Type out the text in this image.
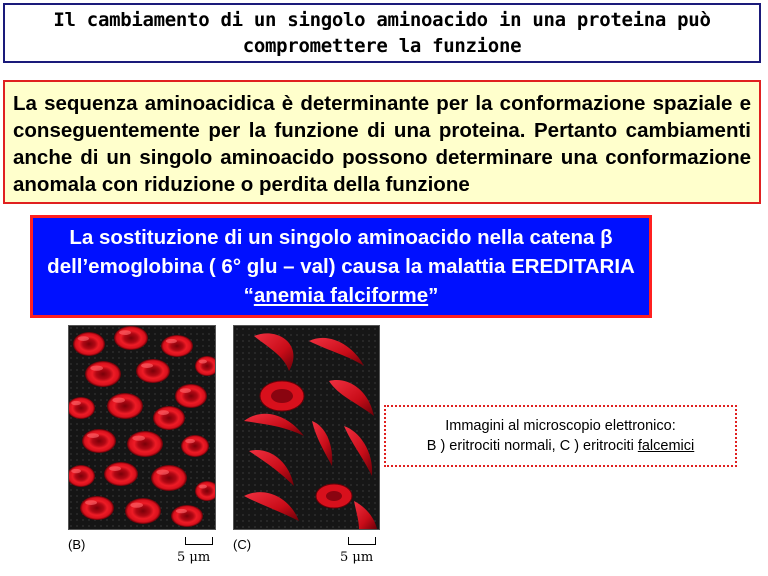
Il cambiamento di un singolo aminoacido in una proteina può compromettere la funzione
La sequenza aminoacidica è determinante per la conformazione spaziale e conseguentemente per la funzione di una proteina. Pertanto cambiamenti anche di un singolo aminoacido possono determinare una conformazione anomala con riduzione o perdita della funzione
La sostituzione di un singolo aminoacido nella catena β
dell’emoglobina ( 6° glu – val) causa la malattia EREDITARIA
“anemia falciforme”
(B)
5 μm
(C)
5 μm
Immagini al microscopio elettronico:
B ) eritrociti normali, C ) eritrociti falcemici
